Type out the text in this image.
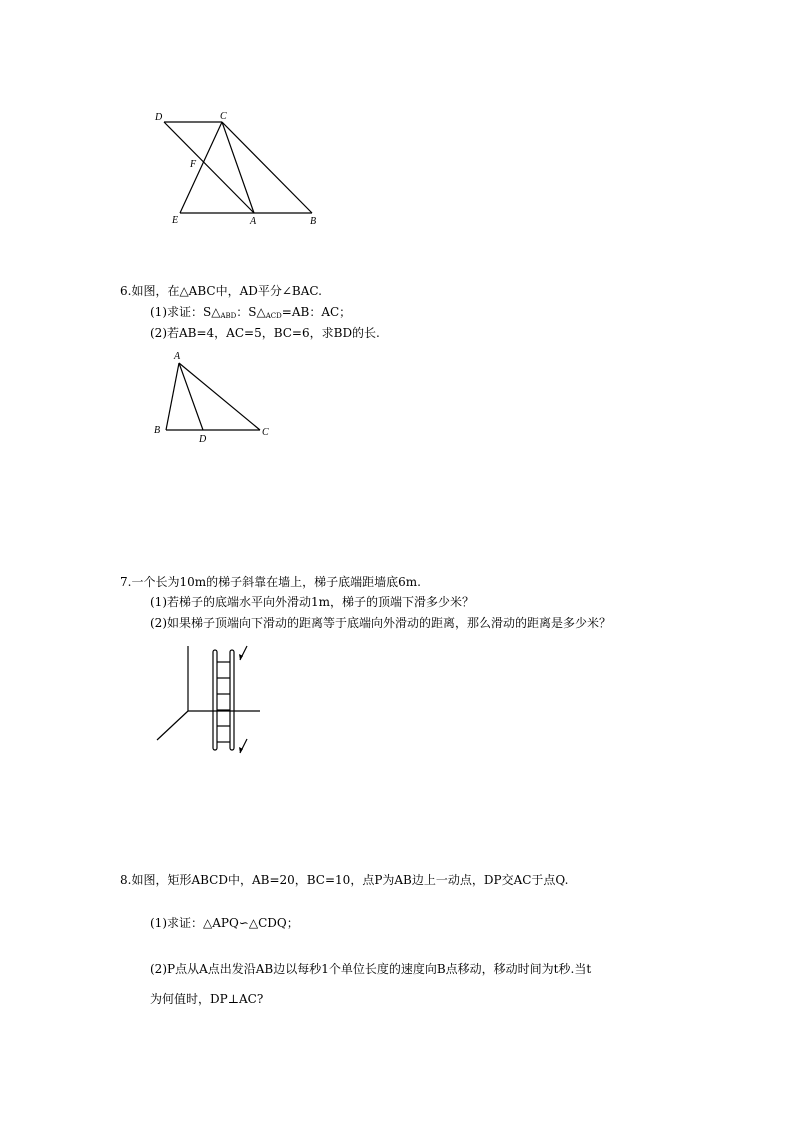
D	C
F
E	A	B
6.如图，在△ABC中，AD平分∠BAC.
(1)求证：$S\triangle_{ABD}$：$S\triangle_{ACD}=AB$：AC；
(2)若AB=4，AC=5，BC=6，求BD的长.
A
B
D
C
7.一个长为10m的梯子斜靠在墙上，梯子底端距墙底6m.
(1)若梯子的底端水平向外滑动1m，梯子的顶端下滑多少米？
(2)如果梯子顶端向下滑动的距离等于底端向外滑动的距离，那么滑动的距离是多少米？
8.如图，矩形ABCD中，AB=20，BC=10，点P为AB边上一动点，DP交AC于点Q.
(1)求证：△APQ∽△CDQ；
(2)P点从A点出发沿AB边以每秒1个单位长度的速度向B点移动，移动时间为t秒.当t
为何值时，DP⊥AC?
